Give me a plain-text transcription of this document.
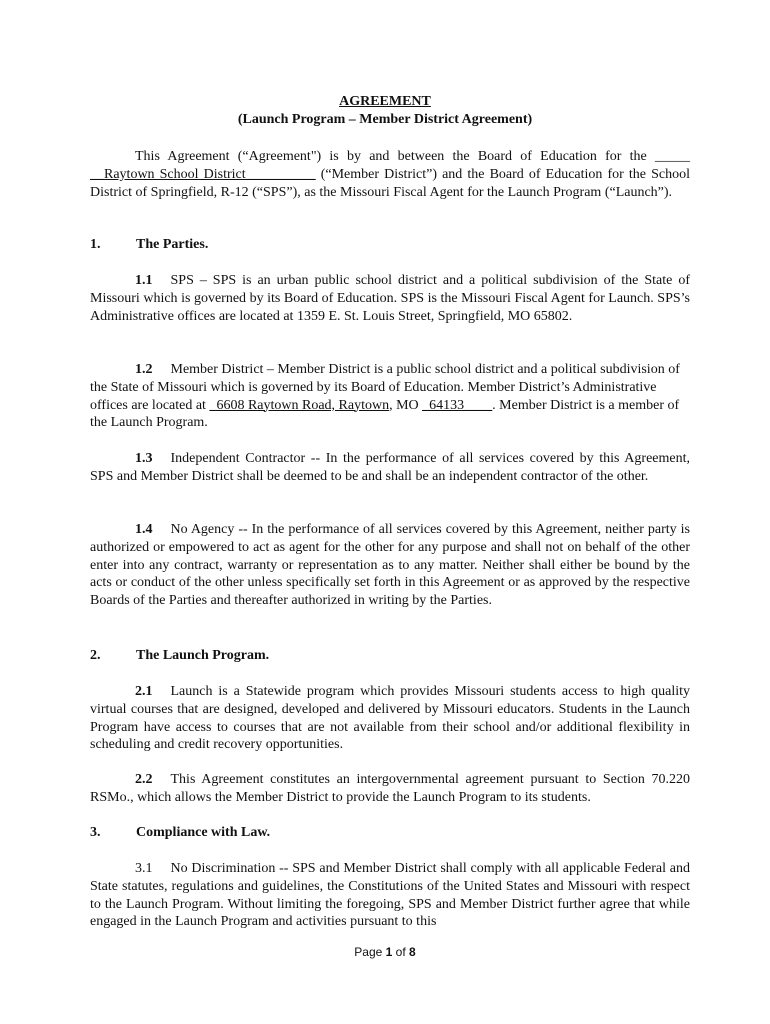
AGREEMENT
(Launch Program – Member District Agreement)
This Agreement (“Agreement") is by and between the Board of Education for the _____ __Raytown School District__________ (“Member District”) and the Board of Education for the School District of Springfield, R-12 (“SPS”), as the Missouri Fiscal Agent for the Launch Program (“Launch”).
1.	The Parties.
1.1 SPS – SPS is an urban public school district and a political subdivision of the State of Missouri which is governed by its Board of Education. SPS is the Missouri Fiscal Agent for Launch. SPS’s Administrative offices are located at 1359 E. St. Louis Street, Springfield, MO 65802.
1.2 Member District – Member District is a public school district and a political subdivision of the State of Missouri which is governed by its Board of Education. Member District’s Administrative offices are located at _6608 Raytown Road, Raytown, MO _64133____. Member District is a member of the Launch Program.
1.3 Independent Contractor -- In the performance of all services covered by this Agreement, SPS and Member District shall be deemed to be and shall be an independent contractor of the other.
1.4 No Agency -- In the performance of all services covered by this Agreement, neither party is authorized or empowered to act as agent for the other for any purpose and shall not on behalf of the other enter into any contract, warranty or representation as to any matter. Neither shall either be bound by the acts or conduct of the other unless specifically set forth in this Agreement or as approved by the respective Boards of the Parties and thereafter authorized in writing by the Parties.
2.	The Launch Program.
2.1 Launch is a Statewide program which provides Missouri students access to high quality virtual courses that are designed, developed and delivered by Missouri educators. Students in the Launch Program have access to courses that are not available from their school and/or additional flexibility in scheduling and credit recovery opportunities.
2.2 This Agreement constitutes an intergovernmental agreement pursuant to Section 70.220 RSMo., which allows the Member District to provide the Launch Program to its students.
3.	Compliance with Law.
3.1 No Discrimination -- SPS and Member District shall comply with all applicable Federal and State statutes, regulations and guidelines, the Constitutions of the United States and Missouri with respect to the Launch Program. Without limiting the foregoing, SPS and Member District further agree that while engaged in the Launch Program and activities pursuant to this
Page 1 of 8
